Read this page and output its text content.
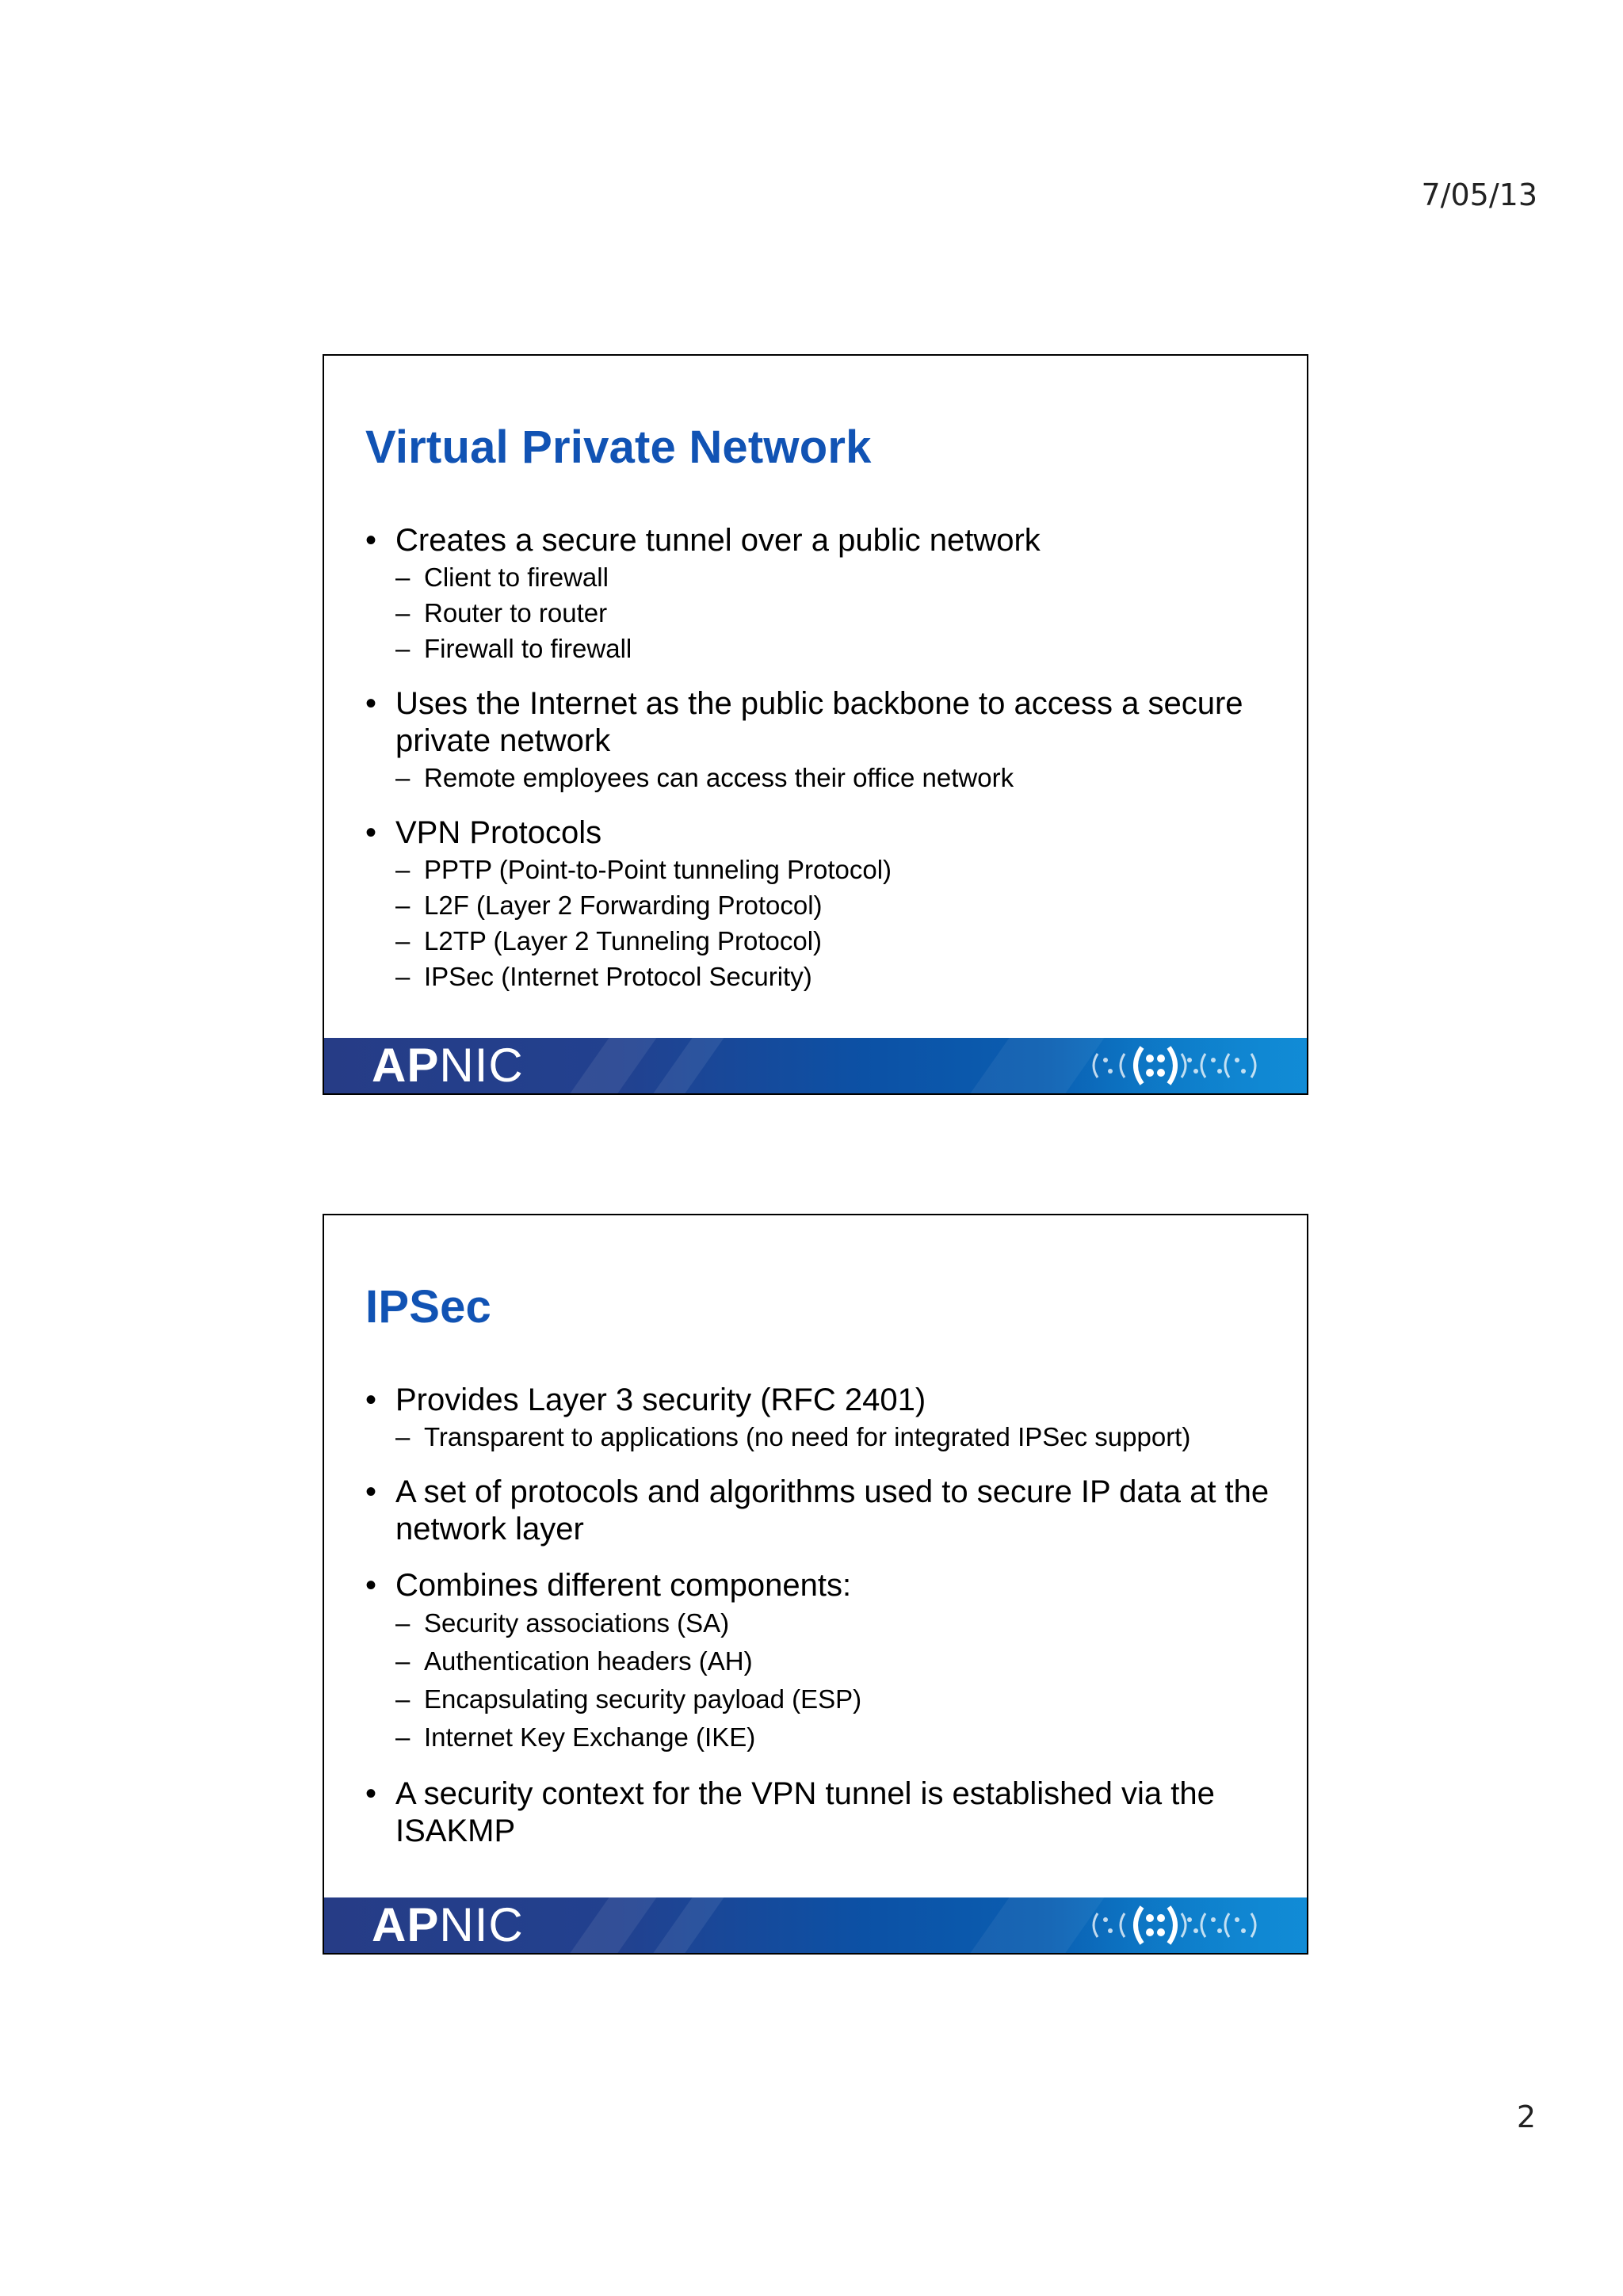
7/05/13
Virtual Private Network
• Creates a secure tunnel over a public network
– Client to firewall
– Router to router
– Firewall to firewall
• Uses the Internet as the public backbone to access a secure private network
– Remote employees can access their office network
• VPN Protocols
– PPTP (Point-to-Point tunneling Protocol)
– L2F (Layer 2 Forwarding Protocol)
– L2TP (Layer 2 Tunneling Protocol)
– IPSec (Internet Protocol Security)
APNIC
IPSec
• Provides Layer 3 security (RFC 2401)
– Transparent to applications (no need for integrated IPSec support)
• A set of protocols and algorithms used to secure IP data at the network layer
• Combines different components:
– Security associations (SA)
– Authentication headers (AH)
– Encapsulating security payload (ESP)
– Internet Key Exchange (IKE)
• A security context for the VPN tunnel is established via the ISAKMP
APNIC
2
